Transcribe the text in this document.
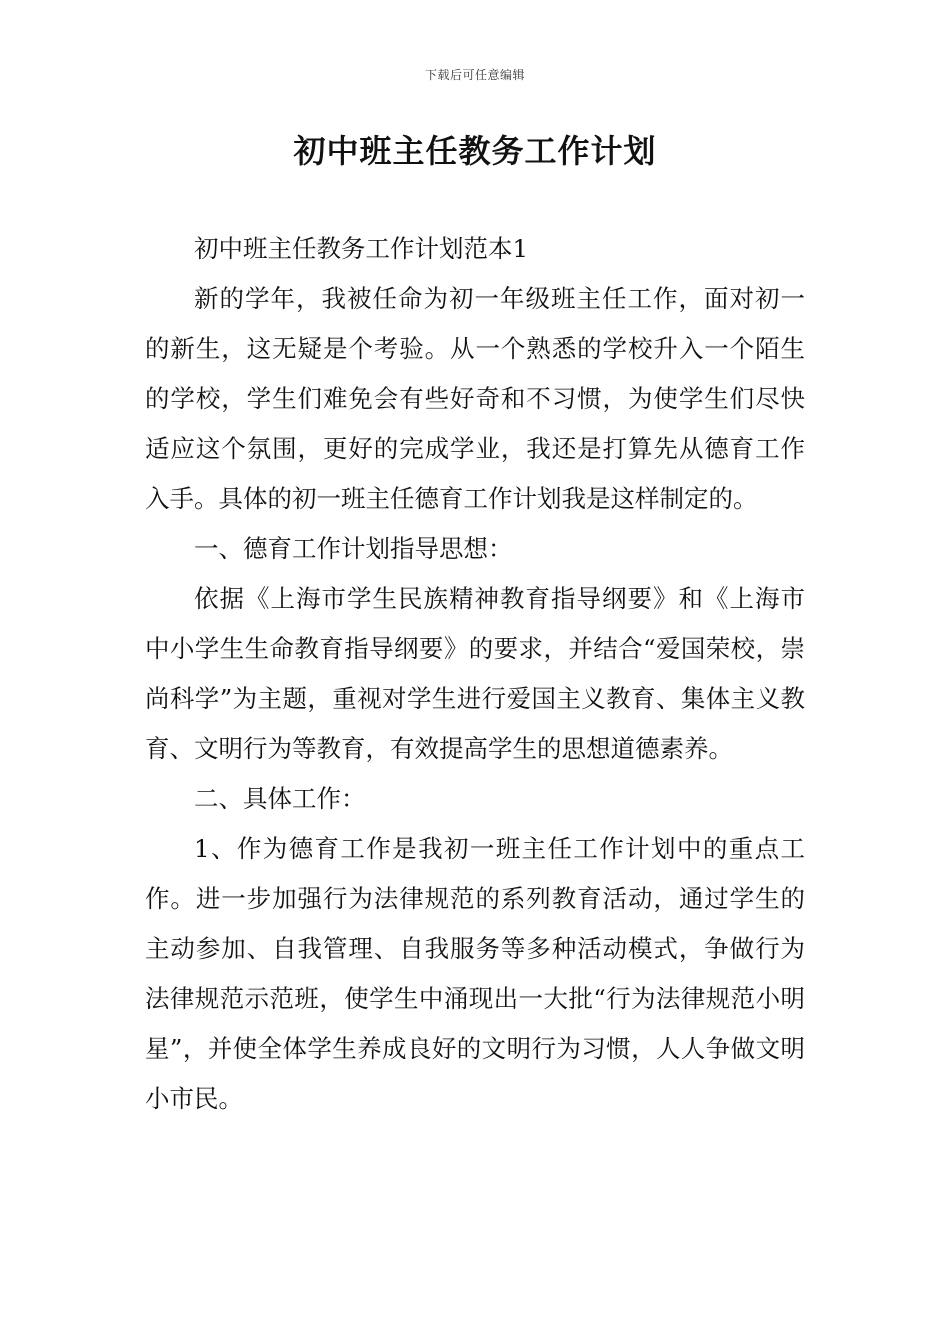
下载后可任意编辑
初中班主任教务工作计划

初中班主任教务工作计划范本1

新的学年，我被任命为初一年级班主任工作，面对初一的新生，这无疑是个考验。从一个熟悉的学校升入一个陌生的学校，学生们难免会有些好奇和不习惯，为使学生们尽快适应这个氛围，更好的完成学业，我还是打算先从德育工作入手。具体的初一班主任德育工作计划我是这样制定的。

一、德育工作计划指导思想：

依据《上海市学生民族精神教育指导纲要》和《上海市中小学生生命教育指导纲要》的要求，并结合“爱国荣校，崇尚科学”为主题，重视对学生进行爱国主义教育、集体主义教育、文明行为等教育，有效提高学生的思想道德素养。

二、具体工作：

1、作为德育工作是我初一班主任工作计划中的重点工作。进一步加强行为法律规范的系列教育活动，通过学生的主动参加、自我管理、自我服务等多种活动模式，争做行为法律规范示范班，使学生中涌现出一大批“行为法律规范小明星”，并使全体学生养成良好的文明行为习惯，人人争做文明小市民。
